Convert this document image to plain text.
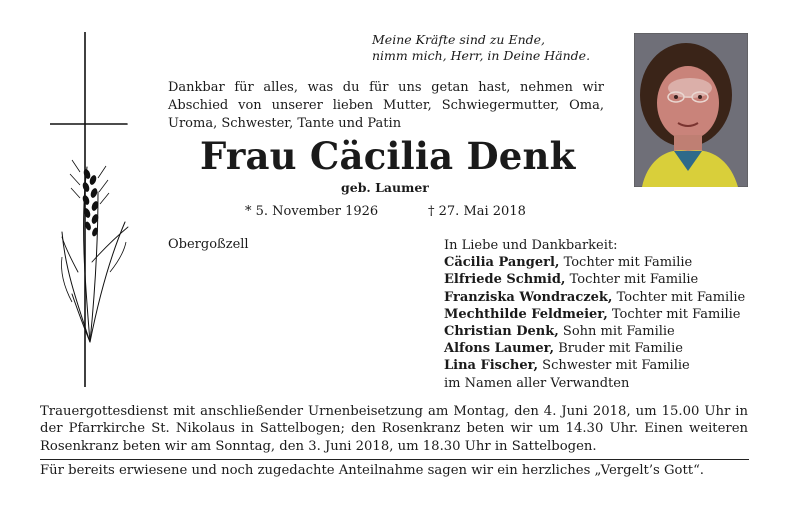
Meine Kräfte sind zu Ende,
nimm mich, Herr, in Deine Hände.
Dankbar für alles, was du für uns getan hast, nehmen wir Abschied von unserer lieben Mutter, Schwiegermutter, Oma, Uroma, Schwester, Tante und Patin
Frau Cäcilia Denk
geb. Laumer
* 5. November 1926	† 27. Mai 2018
Obergoßzell	In Liebe und Dankbarkeit:
Cäcilia Pangerl, Tochter mit Familie
Elfriede Schmid, Tochter mit Familie
Franziska Wondraczek, Tochter mit Familie
Mechthilde Feldmeier, Tochter mit Familie
Christian Denk, Sohn mit Familie
Alfons Laumer, Bruder mit Familie
Lina Fischer, Schwester mit Familie
im Namen aller Verwandten
Trauergottesdienst mit anschließender Urnenbeisetzung am Montag, den 4. Juni 2018, um 15.00 Uhr in der Pfarrkirche St. Nikolaus in Sattelbogen; den Rosenkranz beten wir um 14.30 Uhr. Einen weiteren Rosenkranz beten wir am Sonntag, den 3. Juni 2018, um 18.30 Uhr in Sattelbogen.
Für bereits erwiesene und noch zugedachte Anteilnahme sagen wir ein herzliches „Vergelt’s Gott“.
